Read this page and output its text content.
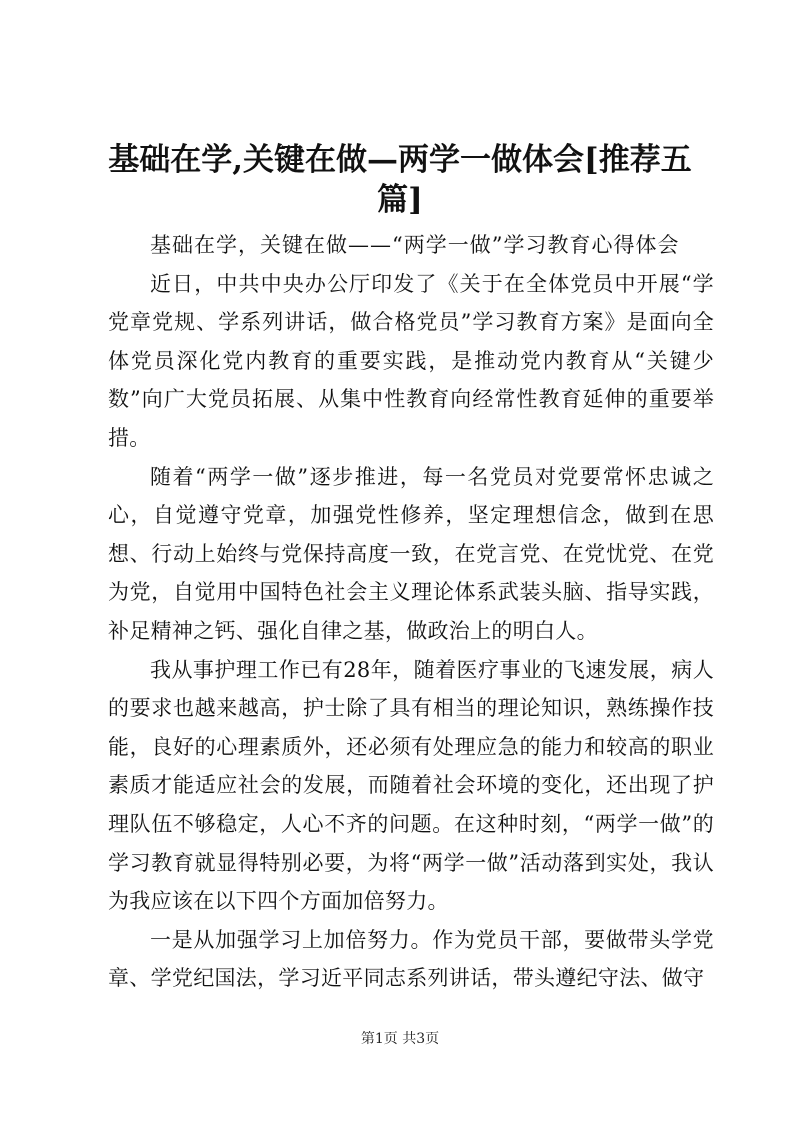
基础在学,关键在做—两学一做体会[推荐五篇]

基础在学，关键在做——“两学一做”学习教育心得体会

近日，中共中央办公厅印发了《关于在全体党员中开展“学党章党规、学系列讲话，做合格党员”学习教育方案》是面向全体党员深化党内教育的重要实践，是推动党内教育从“关键少数”向广大党员拓展、从集中性教育向经常性教育延伸的重要举措。

随着“两学一做”逐步推进，每一名党员对党要常怀忠诚之心，自觉遵守党章，加强党性修养，坚定理想信念，做到在思想、行动上始终与党保持高度一致，在党言党、在党忧党、在党为党，自觉用中国特色社会主义理论体系武装头脑、指导实践，补足精神之钙、强化自律之基，做政治上的明白人。

我从事护理工作已有28年，随着医疗事业的飞速发展，病人的要求也越来越高，护士除了具有相当的理论知识，熟练操作技能，良好的心理素质外，还必须有处理应急的能力和较高的职业素质才能适应社会的发展，而随着社会环境的变化，还出现了护理队伍不够稳定，人心不齐的问题。在这种时刻，“两学一做”的学习教育就显得特别必要，为将“两学一做”活动落到实处，我认为我应该在以下四个方面加倍努力。

一是从加强学习上加倍努力。作为党员干部，要做带头学党章、学党纪国法，学习近平同志系列讲话，带头遵纪守法、做守

第1页 共3页
